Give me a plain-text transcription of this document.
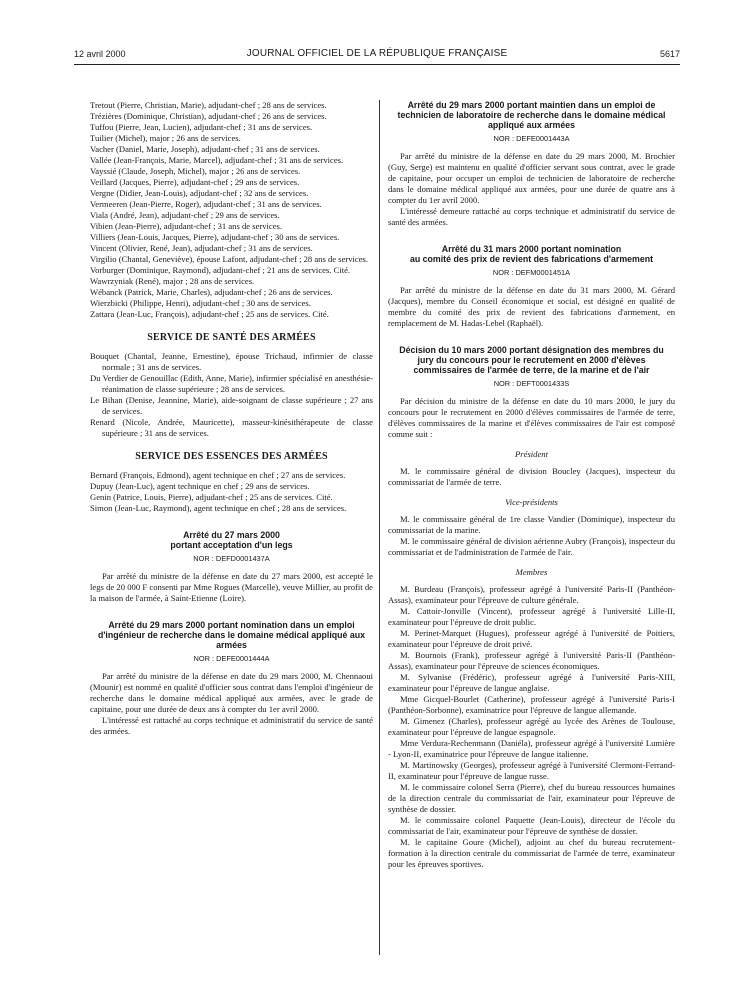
12 avril 2000	JOURNAL OFFICIEL DE LA RÉPUBLIQUE FRANÇAISE	5617
Tretout (Pierre, Christian, Marie), adjudant-chef ; 28 ans de services.
Trézières (Dominique, Christian), adjudant-chef ; 26 ans de services.
Tuffou (Pierre, Jean, Lucien), adjudant-chef ; 31 ans de services.
Tuilier (Michel), major ; 26 ans de services.
Vacher (Daniel, Marie, Joseph), adjudant-chef ; 31 ans de services.
Vallée (Jean-François, Marie, Marcel), adjudant-chef ; 31 ans de services.
Vayssié (Claude, Joseph, Michel), major ; 26 ans de services.
Veillard (Jacques, Pierre), adjudant-chef ; 29 ans de services.
Vergne (Didier, Jean-Louis), adjudant-chef ; 32 ans de services.
Vermeeren (Jean-Pierre, Roger), adjudant-chef ; 31 ans de services.
Viala (André, Jean), adjudant-chef ; 29 ans de services.
Vibien (Jean-Pierre), adjudant-chef ; 31 ans de services.
Villiers (Jean-Louis, Jacques, Pierre), adjudant-chef ; 30 ans de services.
Vincent (Olivier, René, Jean), adjudant-chef ; 31 ans de services.
Virgilio (Chantal, Geneviève), épouse Lafont, adjudant-chef ; 28 ans de services.
Vorburger (Dominique, Raymond), adjudant-chef ; 21 ans de services. Cité.
Wawrzyniak (René), major ; 28 ans de services.
Wébanck (Patrick, Marie, Charles), adjudant-chef ; 26 ans de services.
Wierzbicki (Philippe, Henri), adjudant-chef ; 30 ans de services.
Zattara (Jean-Luc, François), adjudant-chef ; 25 ans de services. Cité.
SERVICE DE SANTÉ DES ARMÉES
Bouquet (Chantal, Jeanne, Ernestine), épouse Trichaud, infirmier de classe normale ; 31 ans de services.
Du Verdier de Genouillac (Edith, Anne, Marie), infirmier spécialisé en anesthésie-réanimation de classe supérieure ; 28 ans de services.
Le Bihan (Denise, Jeannine, Marie), aide-soignant de classe supérieure ; 27 ans de services.
Renard (Nicole, Andrée, Mauricette), masseur-kinésithérapeute de classe supérieure ; 31 ans de services.
SERVICE DES ESSENCES DES ARMÉES
Bernard (François, Edmond), agent technique en chef ; 27 ans de services.
Dupuy (Jean-Luc), agent technique en chef ; 29 ans de services.
Genin (Patrice, Louis, Pierre), adjudant-chef ; 25 ans de services. Cité.
Simon (Jean-Luc, Raymond), agent technique en chef ; 28 ans de services.
Arrêté du 27 mars 2000
portant acceptation d'un legs
NOR : DEFD0001437A
Par arrêté du ministre de la défense en date du 27 mars 2000, est accepté le legs de 20 000 F consenti par Mme Rogues (Marcelle), veuve Millier, au profit de la maison de l'armée, à Saint-Etienne (Loire).
Arrêté du 29 mars 2000 portant nomination dans un emploi d'ingénieur de recherche dans le domaine médical appliqué aux armées
NOR : DEFE0001444A
Par arrêté du ministre de la défense en date du 29 mars 2000, M. Chennaoui (Mounir) est nommé en qualité d'officier sous contrat dans l'emploi d'ingénieur de recherche dans le domaine médical appliqué aux armées, avec le grade de capitaine, pour une durée de deux ans à compter du 1er avril 2000.
L'intéressé est rattaché au corps technique et administratif du service de santé des armées.
Arrêté du 29 mars 2000 portant maintien dans un emploi de technicien de laboratoire de recherche dans le domaine médical appliqué aux armées
NOR : DEFE0001443A
Par arrêté du ministre de la défense en date du 29 mars 2000, M. Brochier (Guy, Serge) est maintenu en qualité d'officier servant sous contrat, avec le grade de capitaine, pour occuper un emploi de technicien de laboratoire de recherche dans le domaine médical appliqué aux armées, pour une durée de quatre ans à compter du 1er avril 2000.
L'intéressé demeure rattaché au corps technique et administratif du service de santé des armées.
Arrêté du 31 mars 2000 portant nomination
au comité des prix de revient des fabrications d'armement
NOR : DEFM0001451A
Par arrêté du ministre de la défense en date du 31 mars 2000, M. Gérard (Jacques), membre du Conseil économique et social, est désigné en qualité de membre du comité des prix de revient des fabrications d'armement, en remplacement de M. Hadas-Lebel (Raphaël).
Décision du 10 mars 2000 portant désignation des membres du jury du concours pour le recrutement en 2000 d'élèves commissaires de l'armée de terre, de la marine et de l'air
NOR : DEFT0001433S
Par décision du ministre de la défense en date du 10 mars 2000, le jury du concours pour le recrutement en 2000 d'élèves commissaires de l'armée de terre, d'élèves commissaires de la marine et d'élèves commissaires de l'air est composé comme suit :
Président
M. le commissaire général de division Boucley (Jacques), inspecteur du commissariat de l'armée de terre.
Vice-présidents
M. le commissaire général de 1re classe Vandier (Dominique), inspecteur du commissariat de la marine.
M. le commissaire général de division aérienne Aubry (François), inspecteur du commissariat et de l'administration de l'armée de l'air.
Membres
M. Burdeau (François), professeur agrégé à l'université Paris-II (Panthéon-Assas), examinateur pour l'épreuve de culture générale.
M. Cattoir-Jonville (Vincent), professeur agrégé à l'université Lille-II, examinateur pour l'épreuve de droit public.
M. Perinet-Marquet (Hugues), professeur agrégé à l'université de Poitiers, examinateur pour l'épreuve de droit privé.
M. Bournois (Frank), professeur agrégé à l'université Paris-II (Panthéon-Assas), examinateur pour l'épreuve de sciences économiques.
M. Sylvanise (Frédéric), professeur agrégé à l'université Paris-XIII, examinateur pour l'épreuve de langue anglaise.
Mme Gicquel-Bourlet (Catherine), professeur agrégé à l'université Paris-I (Panthéon-Sorbonne), examinatrice pour l'épreuve de langue allemande.
M. Gimenez (Charles), professeur agrégé au lycée des Arènes de Toulouse, examinateur pour l'épreuve de langue espagnole.
Mme Verdura-Rechenmann (Daniéla), professeur agrégé à l'université Lumière - Lyon-II, examinatrice pour l'épreuve de langue italienne.
M. Martinowsky (Georges), professeur agrégé à l'université Clermont-Ferrand-II, examinateur pour l'épreuve de langue russe.
M. le commissaire colonel Serra (Pierre), chef du bureau ressources humaines de la direction centrale du commissariat de l'air, examinateur pour l'épreuve de synthèse de dossier.
M. le commissaire colonel Paquette (Jean-Louis), directeur de l'école du commissariat de l'air, examinateur pour l'épreuve de synthèse de dossier.
M. le capitaine Goure (Michel), adjoint au chef du bureau recrutement-formation à la direction centrale du commissariat de l'armée de terre, examinateur pour les épreuves sportives.
